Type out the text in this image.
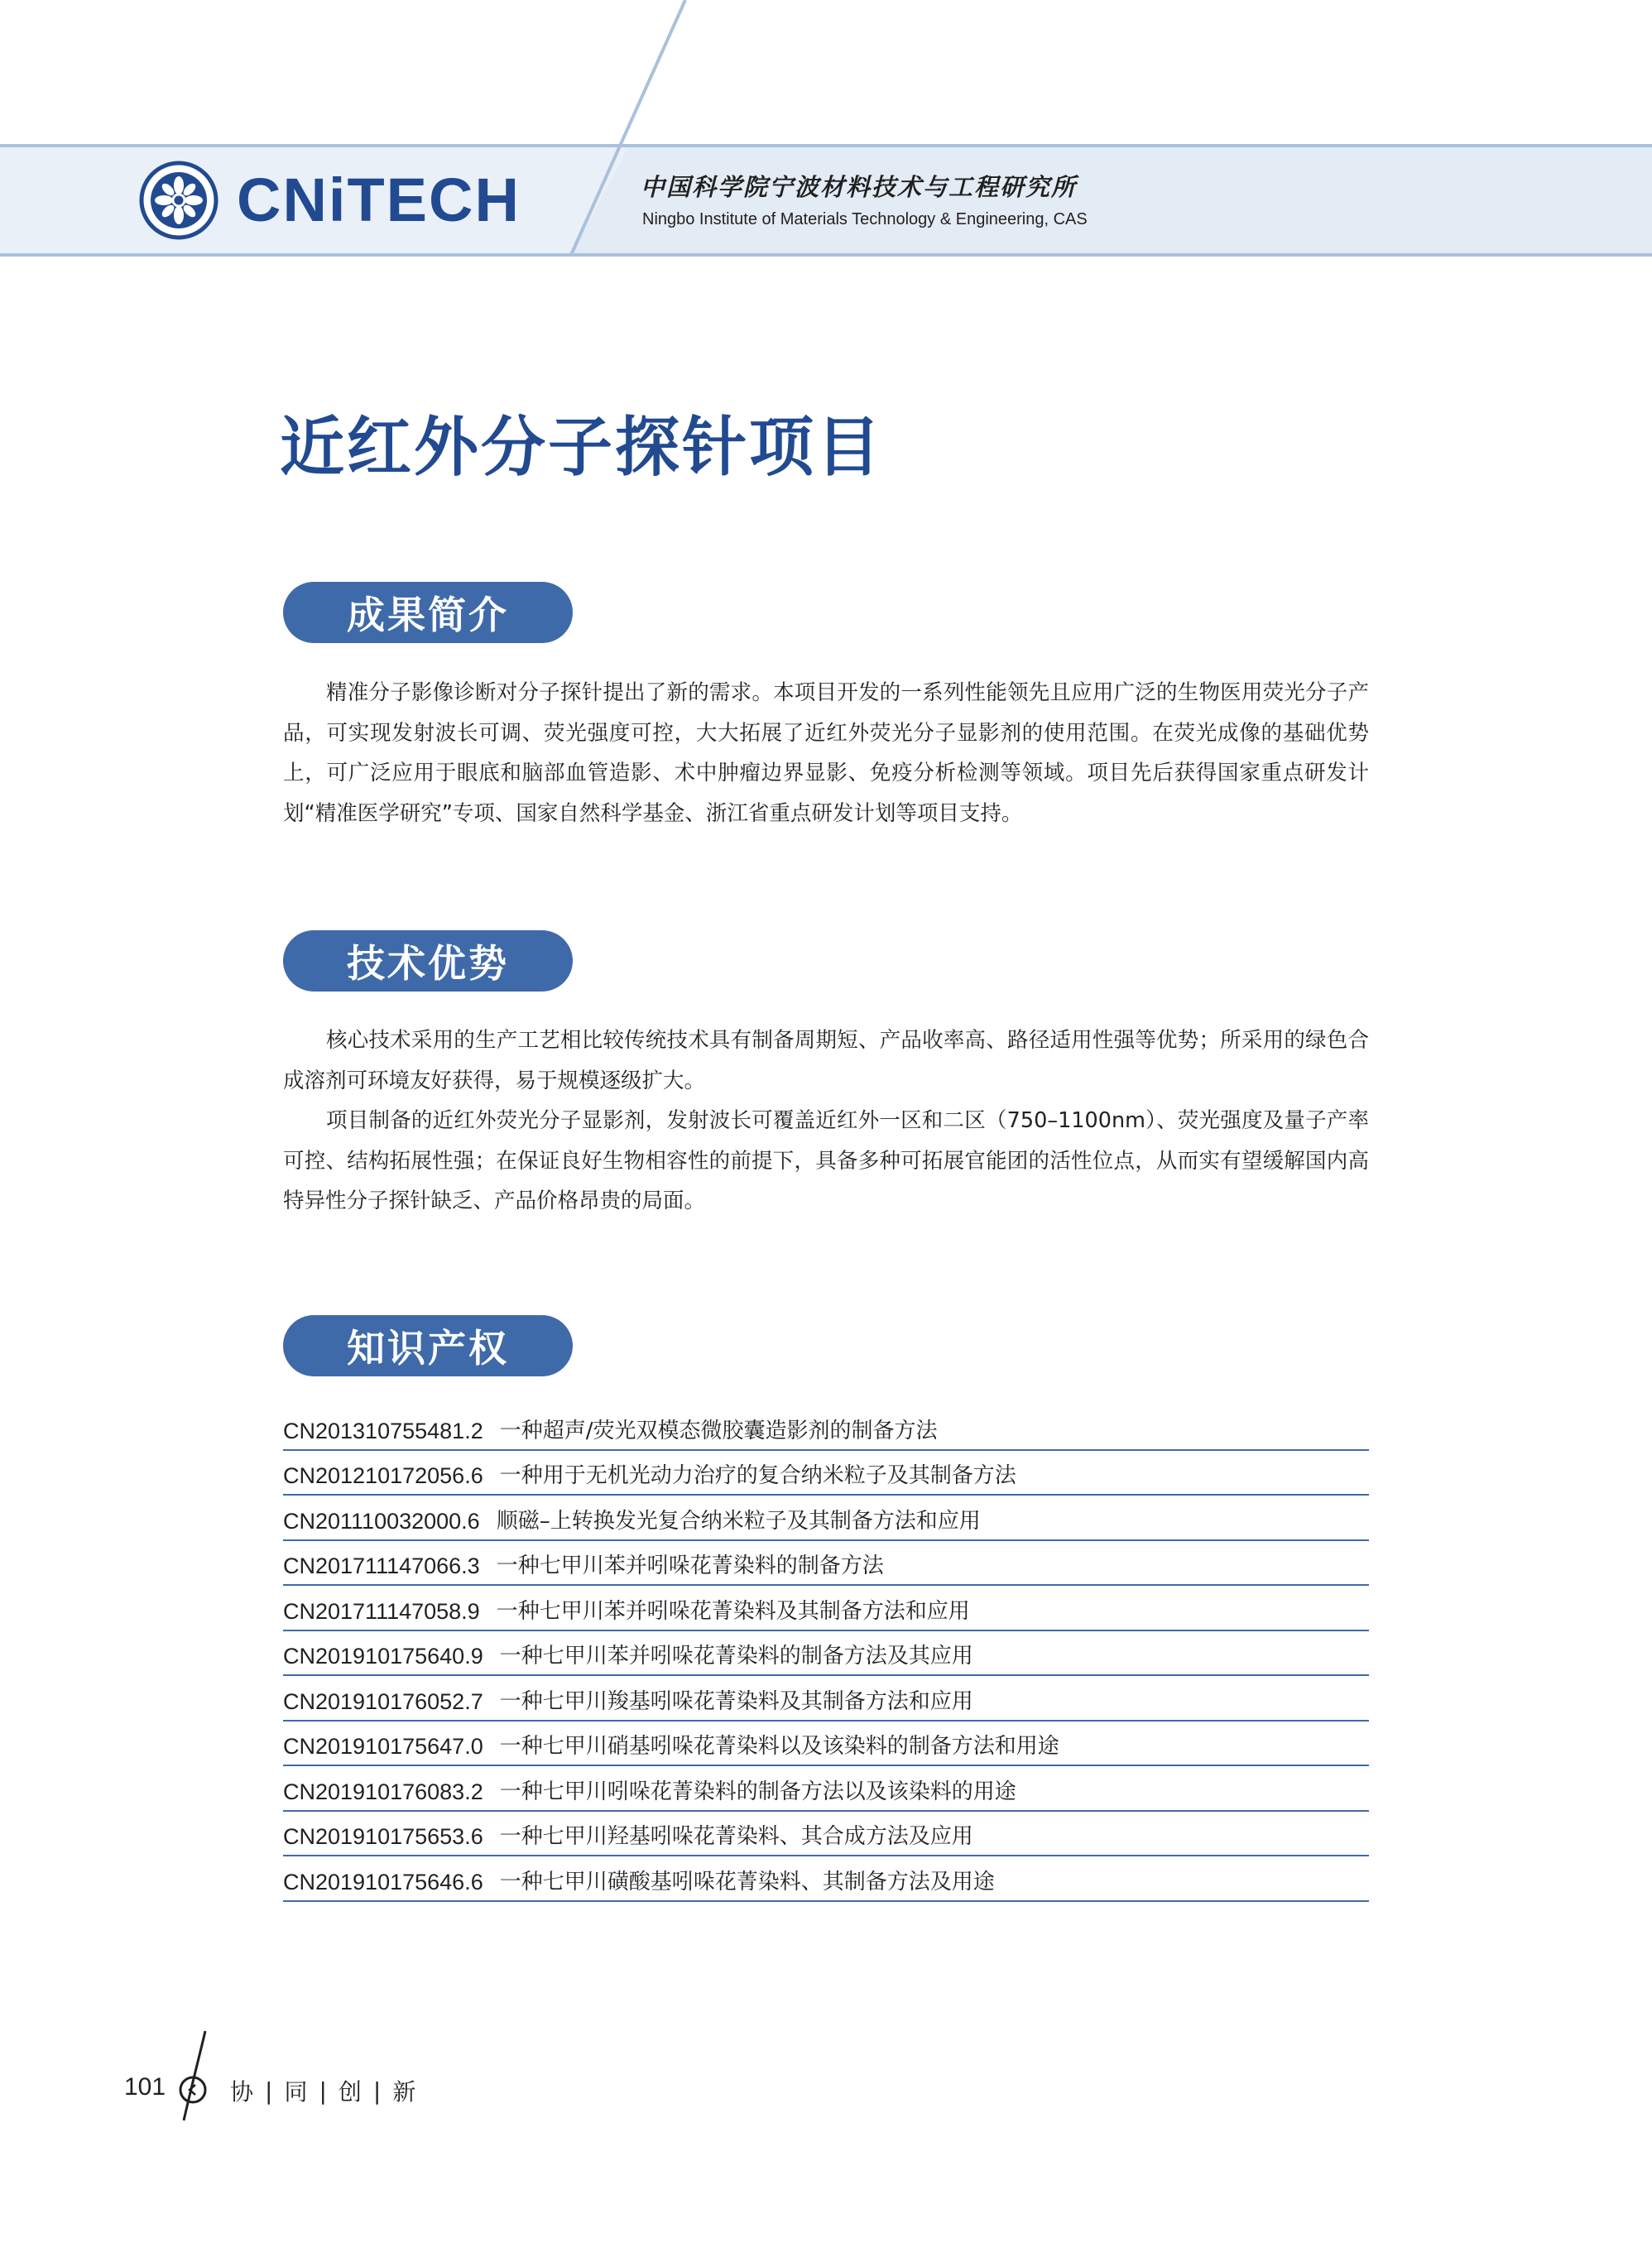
CNiTECH	中国科学院宁波材料技术与工程研究所
Ningbo Institute of Materials Technology & Engineering, CAS
近红外分子探针项目
成果简介

精准分子影像诊断对分子探针提出了新的需求。本项目开发的一系列性能领先且应用广泛的生物医用荧光分子产品，可实现发射波长可调、荧光强度可控，大大拓展了近红外荧光分子显影剂的使用范围。在荧光成像的基础优势上，可广泛应用于眼底和脑部血管造影、术中肿瘤边界显影、免疫分析检测等领域。项目先后获得国家重点研发计划“精准医学研究”专项、国家自然科学基金、浙江省重点研发计划等项目支持。

技术优势

核心技术采用的生产工艺相比较传统技术具有制备周期短、产品收率高、路径适用性强等优势；所采用的绿色合成溶剂可环境友好获得，易于规模逐级扩大。

项目制备的近红外荧光分子显影剂，发射波长可覆盖近红外一区和二区（750–1100nm）、荧光强度及量子产率可控、结构拓展性强；在保证良好生物相容性的前提下，具备多种可拓展官能团的活性位点，从而实有望缓解国内高特异性分子探针缺乏、产品价格昂贵的局面。

知识产权
CN201310755481.2 一种超声/荧光双模态微胶囊造影剂的制备方法
CN201210172056.6 一种用于无机光动力治疗的复合纳米粒子及其制备方法
CN201110032000.6 顺磁–上转换发光复合纳米粒子及其制备方法和应用
CN201711147066.3 一种七甲川苯并吲哚花菁染料的制备方法
CN201711147058.9 一种七甲川苯并吲哚花菁染料及其制备方法和应用
CN201910175640.9 一种七甲川苯并吲哚花菁染料的制备方法及其应用
CN201910176052.7 一种七甲川羧基吲哚花菁染料及其制备方法和应用
CN201910175647.0 一种七甲川硝基吲哚花菁染料以及该染料的制备方法和用途
CN201910176083.2 一种七甲川吲哚花菁染料的制备方法以及该染料的用途
CN201910175653.6 一种七甲川羟基吲哚花菁染料、其合成方法及应用
CN201910175646.6 一种七甲川磺酸基吲哚花菁染料、其制备方法及用途
101	协 | 同 | 创 | 新
